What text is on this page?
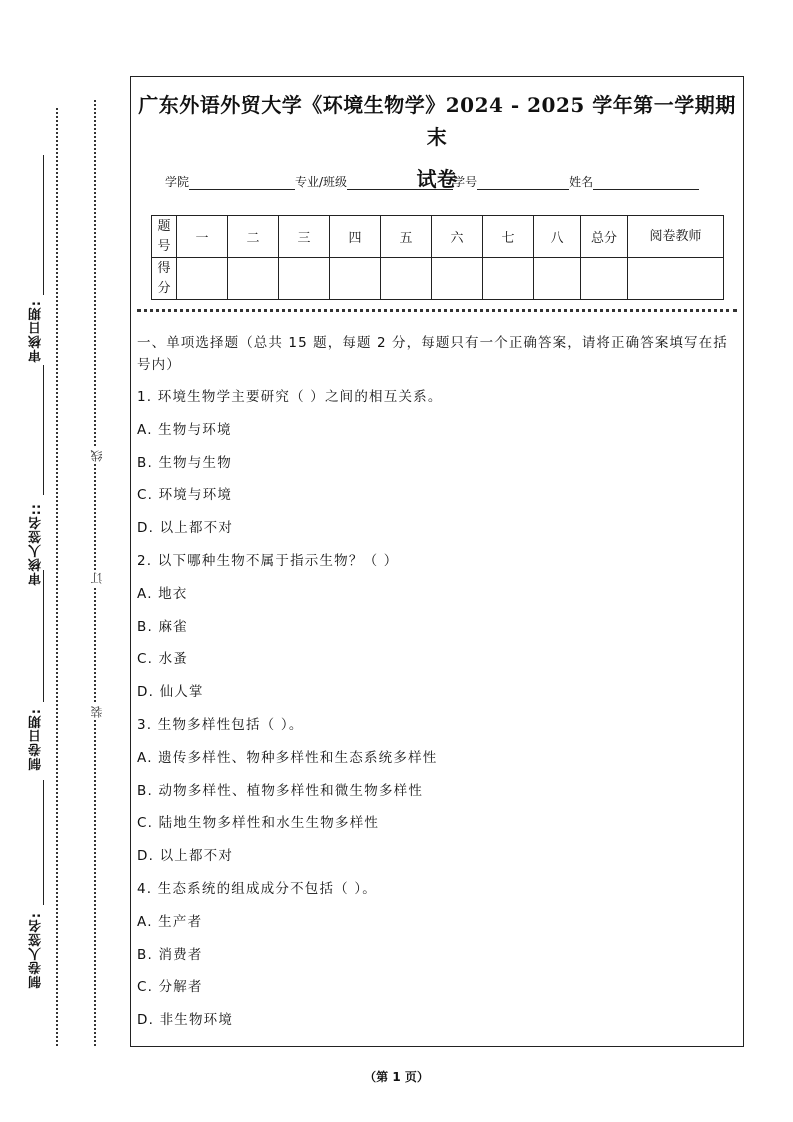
审核日期:
审核人签名::
制卷日期:
制卷人签名:
线
订
装
广东外语外贸大学《环境生物学》2024 - 2025 学年第一学期期末
试卷
学院	专业/班级	学号	姓名
题号	一	二	三	四	五	六	七	八	总分	阅卷教师
得分										
一、单项选择题（总共 15 题，每题 2 分，每题只有一个正确答案，请将正确答案填写在括号内）
1. 环境生物学主要研究（ ）之间的相互关系。
A. 生物与环境
B. 生物与生物
C. 环境与环境
D. 以上都不对
2. 以下哪种生物不属于指示生物？（ ）
A. 地衣
B. 麻雀
C. 水蚤
D. 仙人掌
3. 生物多样性包括（ ）。
A. 遗传多样性、物种多样性和生态系统多样性
B. 动物多样性、植物多样性和微生物多样性
C. 陆地生物多样性和水生生物多样性
D. 以上都不对
4. 生态系统的组成成分不包括（ ）。
A. 生产者
B. 消费者
C. 分解者
D. 非生物环境
（第 1 页）
